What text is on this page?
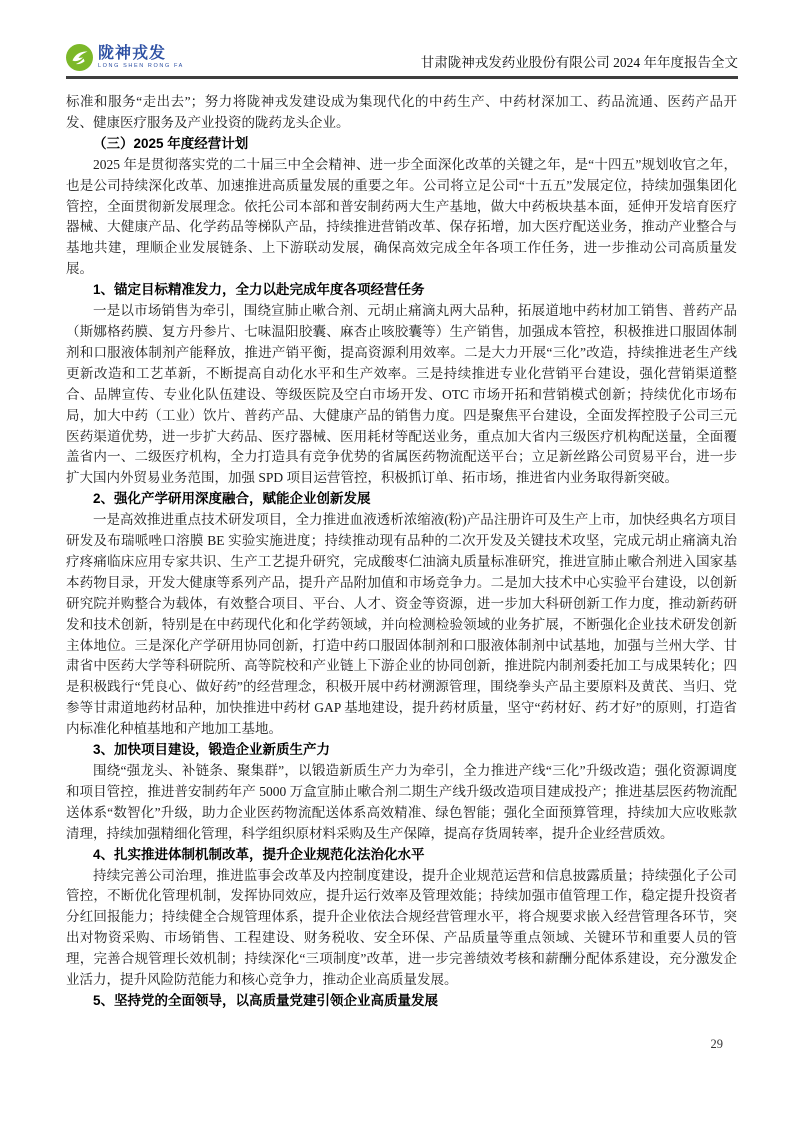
陇神戎发
LONG SHEN RONG FA	甘肃陇神戎发药业股份有限公司 2024 年年度报告全文

标准和服务“走出去”；努力将陇神戎发建设成为集现代化的中药生产、中药材深加工、药品流通、医药产品开发、健康医疗服务及产业投资的陇药龙头企业。

（三）2025 年度经营计划

2025 年是贯彻落实党的二十届三中全会精神、进一步全面深化改革的关键之年，是“十四五”规划收官之年，也是公司持续深化改革、加速推进高质量发展的重要之年。公司将立足公司“十五五”发展定位，持续加强集团化管控，全面贯彻新发展理念。依托公司本部和普安制药两大生产基地，做大中药板块基本面，延伸开发培育医疗器械、大健康产品、化学药品等梯队产品，持续推进营销改革、保存拓增，加大医疗配送业务，推动产业整合与基地共建，理顺企业发展链条、上下游联动发展，确保高效完成全年各项工作任务，进一步推动公司高质量发展。

1、锚定目标精准发力，全力以赴完成年度各项经营任务

一是以市场销售为牵引，围绕宣肺止嗽合剂、元胡止痛滴丸两大品种，拓展道地中药材加工销售、普药产品（斯娜格药膜、复方丹参片、七味温阳胶囊、麻杏止咳胶囊等）生产销售，加强成本管控，积极推进口服固体制剂和口服液体制剂产能释放，推进产销平衡，提高资源利用效率。二是大力开展“三化”改造，持续推进老生产线更新改造和工艺革新，不断提高自动化水平和生产效率。三是持续推进专业化营销平台建设，强化营销渠道整合、品牌宣传、专业化队伍建设、等级医院及空白市场开发、OTC 市场开拓和营销模式创新；持续优化市场布局，加大中药（工业）饮片、普药产品、大健康产品的销售力度。四是聚焦平台建设，全面发挥控股子公司三元医药渠道优势，进一步扩大药品、医疗器械、医用耗材等配送业务，重点加大省内三级医疗机构配送量，全面覆盖省内一、二级医疗机构，全力打造具有竞争优势的省属医药物流配送平台；立足新丝路公司贸易平台，进一步扩大国内外贸易业务范围，加强 SPD 项目运营管控，积极抓订单、拓市场，推进省内业务取得新突破。

2、强化产学研用深度融合，赋能企业创新发展

一是高效推进重点技术研发项目，全力推进血液透析浓缩液(粉)产品注册许可及生产上市，加快经典名方项目研发及布瑞哌唑口溶膜 BE 实验实施进度；持续推动现有品种的二次开发及关键技术攻坚，完成元胡止痛滴丸治疗疼痛临床应用专家共识、生产工艺提升研究，完成酸枣仁油滴丸质量标准研究，推进宣肺止嗽合剂进入国家基本药物目录，开发大健康等系列产品，提升产品附加值和市场竞争力。二是加大技术中心实验平台建设，以创新研究院并购整合为载体，有效整合项目、平台、人才、资金等资源，进一步加大科研创新工作力度，推动新药研发和技术创新，特别是在中药现代化和化学药领域，并向检测检验领域的业务扩展，不断强化企业技术研发创新主体地位。三是深化产学研用协同创新，打造中药口服固体制剂和口服液体制剂中试基地，加强与兰州大学、甘肃省中医药大学等科研院所、高等院校和产业链上下游企业的协同创新，推进院内制剂委托加工与成果转化；四是积极践行“凭良心、做好药”的经营理念，积极开展中药材溯源管理，围绕拳头产品主要原料及黄芪、当归、党参等甘肃道地药材品种，加快推进中药材 GAP 基地建设，提升药材质量，坚守“药材好、药才好”的原则，打造省内标准化种植基地和产地加工基地。

3、加快项目建设，锻造企业新质生产力

围绕“强龙头、补链条、聚集群”，以锻造新质生产力为牵引，全力推进产线“三化”升级改造；强化资源调度和项目管控，推进普安制药年产 5000 万盒宣肺止嗽合剂二期生产线升级改造项目建成投产；推进基层医药物流配送体系“数智化”升级，助力企业医药物流配送体系高效精准、绿色智能；强化全面预算管理，持续加大应收账款清理，持续加强精细化管理，科学组织原材料采购及生产保障，提高存货周转率，提升企业经营质效。

4、扎实推进体制机制改革，提升企业规范化法治化水平

持续完善公司治理，推进监事会改革及内控制度建设，提升企业规范运营和信息披露质量；持续强化子公司管控，不断优化管理机制，发挥协同效应，提升运行效率及管理效能；持续加强市值管理工作，稳定提升投资者分红回报能力；持续健全合规管理体系，提升企业依法合规经营管理水平，将合规要求嵌入经营管理各环节，突出对物资采购、市场销售、工程建设、财务税收、安全环保、产品质量等重点领域、关键环节和重要人员的管理，完善合规管理长效机制；持续深化“三项制度”改革，进一步完善绩效考核和薪酬分配体系建设，充分激发企业活力，提升风险防范能力和核心竞争力，推动企业高质量发展。

5、坚持党的全面领导，以高质量党建引领企业高质量发展

29
